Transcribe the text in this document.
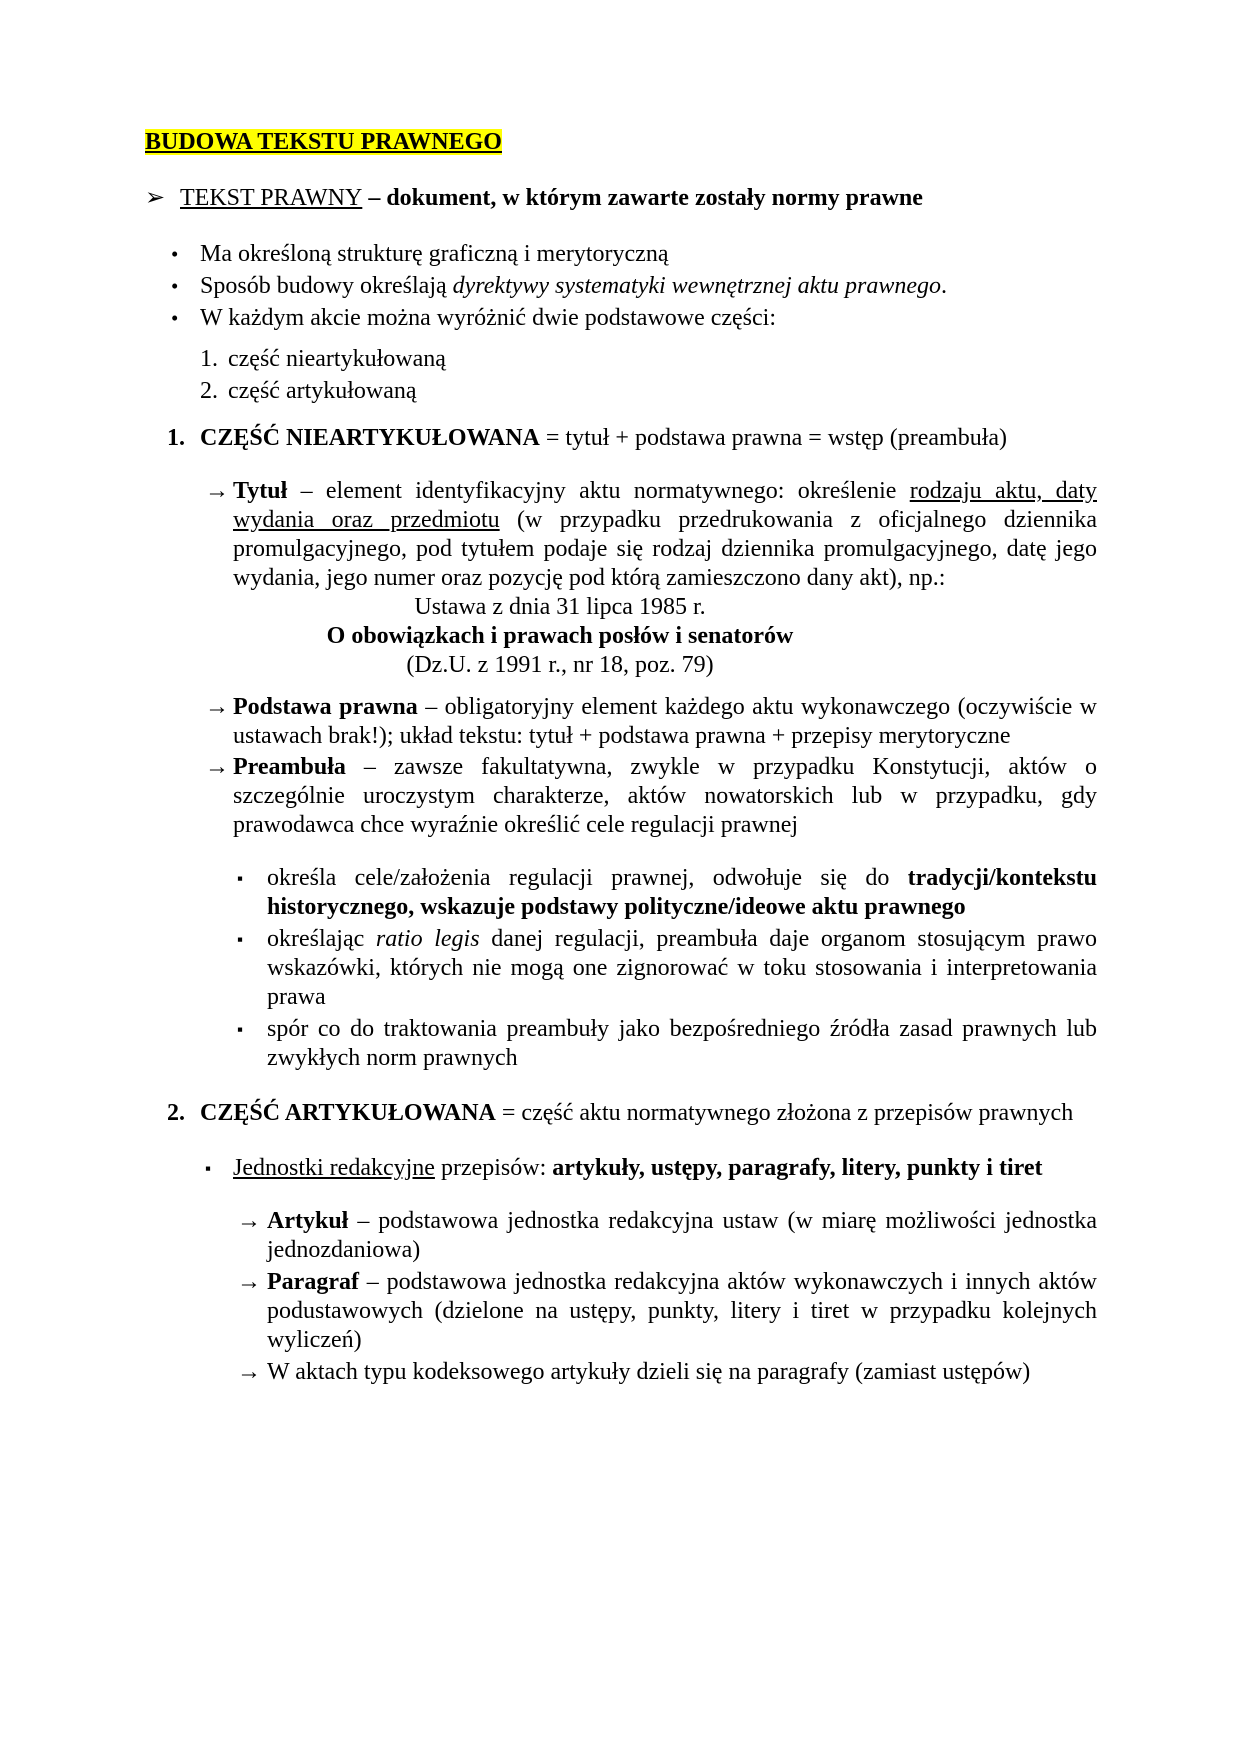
BUDOWA TEKSTU PRAWNEGO
➢ TEKST PRAWNY – dokument, w którym zawarte zostały normy prawne
• Ma określoną strukturę graficzną i merytoryczną
• Sposób budowy określają dyrektywy systematyki wewnętrznej aktu prawnego.
• W każdym akcie można wyróżnić dwie podstawowe części:
1. część nieartykułowaną
2. część artykułowaną
1. CZĘŚĆ NIEARTYKUŁOWANA = tytuł + podstawa prawna = wstęp (preambuła)
→ Tytuł – element identyfikacyjny aktu normatywnego: określenie rodzaju aktu, daty wydania oraz przedmiotu (w przypadku przedrukowania z oficjalnego dziennika promulgacyjnego, pod tytułem podaje się rodzaj dziennika promulgacyjnego, datę jego wydania, jego numer oraz pozycję pod którą zamieszczono dany akt), np.:
Ustawa z dnia 31 lipca 1985 r.
O obowiązkach i prawach posłów i senatorów
(Dz.U. z 1991 r., nr 18, poz. 79)
→ Podstawa prawna – obligatoryjny element każdego aktu wykonawczego (oczywiście w ustawach brak!); układ tekstu: tytuł + podstawa prawna + przepisy merytoryczne
→ Preambuła – zawsze fakultatywna, zwykle w przypadku Konstytucji, aktów o szczególnie uroczystym charakterze, aktów nowatorskich lub w przypadku, gdy prawodawca chce wyraźnie określić cele regulacji prawnej
▪ określa cele/założenia regulacji prawnej, odwołuje się do tradycji/kontekstu historycznego, wskazuje podstawy polityczne/ideowe aktu prawnego
▪ określając ratio legis danej regulacji, preambuła daje organom stosującym prawo wskazówki, których nie mogą one zignorować w toku stosowania i interpretowania prawa
▪ spór co do traktowania preambuły jako bezpośredniego źródła zasad prawnych lub zwykłych norm prawnych
2. CZĘŚĆ ARTYKUŁOWANA = część aktu normatywnego złożona z przepisów prawnych
▪ Jednostki redakcyjne przepisów: artykuły, ustępy, paragrafy, litery, punkty i tiret
→ Artykuł – podstawowa jednostka redakcyjna ustaw (w miarę możliwości jednostka jednozdaniowa)
→ Paragraf – podstawowa jednostka redakcyjna aktów wykonawczych i innych aktów podustawowych (dzielone na ustępy, punkty, litery i tiret w przypadku kolejnych wyliczeń)
→ W aktach typu kodeksowego artykuły dzieli się na paragrafy (zamiast ustępów)
